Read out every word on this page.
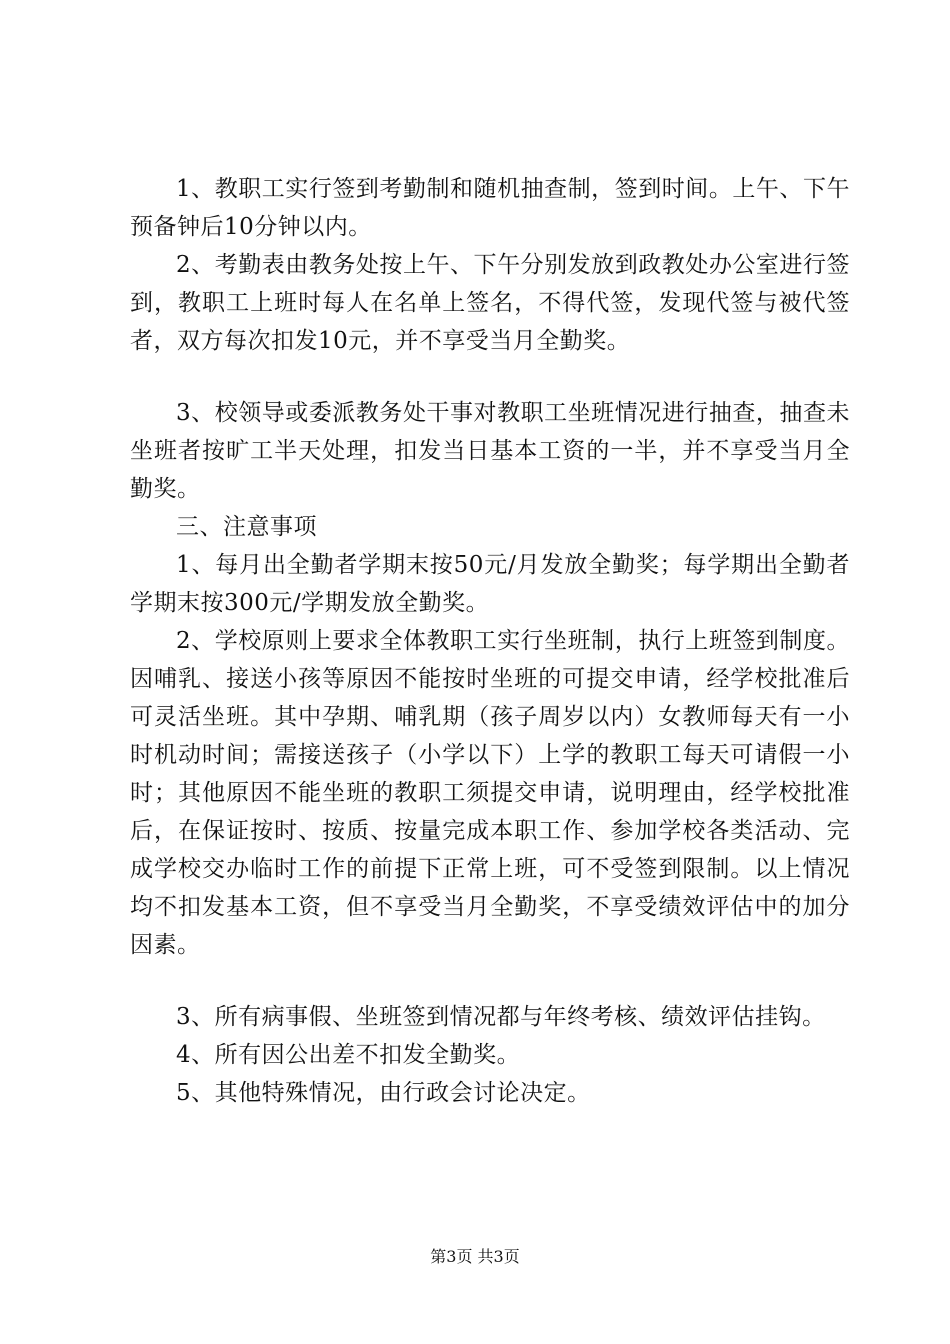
1、教职工实行签到考勤制和随机抽查制，签到时间。上午、下午预备钟后10分钟以内。

2、考勤表由教务处按上午、下午分别发放到政教处办公室进行签到，教职工上班时每人在名单上签名，不得代签，发现代签与被代签者，双方每次扣发10元，并不享受当月全勤奖。

3、校领导或委派教务处干事对教职工坐班情况进行抽查，抽查未坐班者按旷工半天处理，扣发当日基本工资的一半，并不享受当月全勤奖。

三、注意事项

1、每月出全勤者学期末按50元/月发放全勤奖；每学期出全勤者学期末按300元/学期发放全勤奖。

2、学校原则上要求全体教职工实行坐班制，执行上班签到制度。因哺乳、接送小孩等原因不能按时坐班的可提交申请，经学校批准后可灵活坐班。其中孕期、哺乳期（孩子周岁以内）女教师每天有一小时机动时间；需接送孩子（小学以下）上学的教职工每天可请假一小时；其他原因不能坐班的教职工须提交申请，说明理由，经学校批准后，在保证按时、按质、按量完成本职工作、参加学校各类活动、完成学校交办临时工作的前提下正常上班，可不受签到限制。以上情况均不扣发基本工资，但不享受当月全勤奖，不享受绩效评估中的加分因素。

3、所有病事假、坐班签到情况都与年终考核、绩效评估挂钩。

4、所有因公出差不扣发全勤奖。

5、其他特殊情况，由行政会讨论决定。

第3页 共3页
